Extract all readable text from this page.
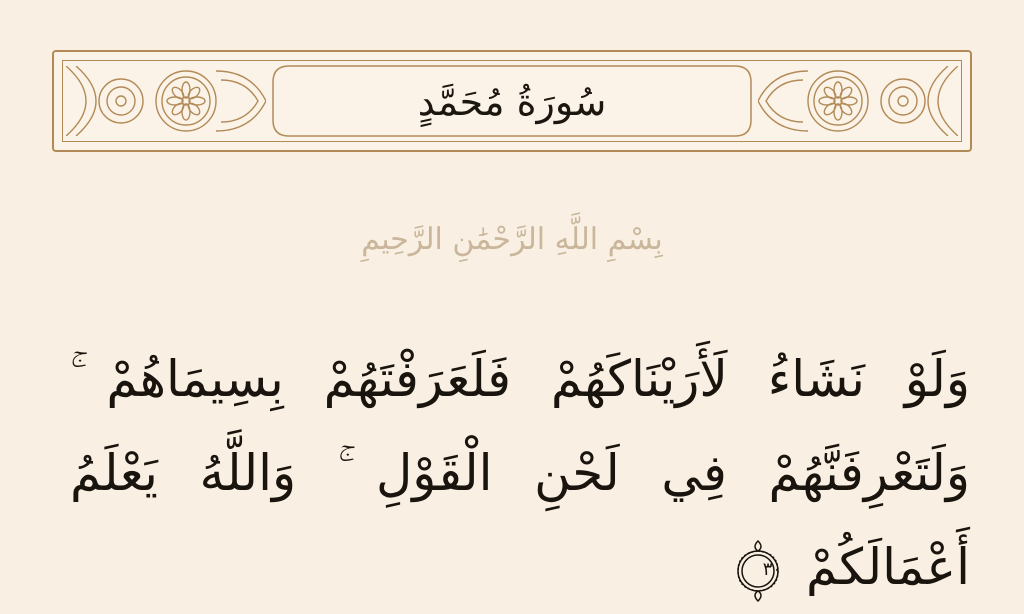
سُورَةُ مُحَمَّدٍ
بِسْمِ اللَّهِ الرَّحْمَٰنِ الرَّحِيمِ
وَلَوْ نَشَاءُ لَأَرَيْنَاكَهُمْ فَلَعَرَفْتَهُمْ بِسِيمَاهُمْ ۚ وَلَتَعْرِفَنَّهُمْ فِي لَحْنِ الْقَوْلِ ۚ وَاللَّهُ يَعْلَمُ أَعْمَالَكُمْ
٣٠
